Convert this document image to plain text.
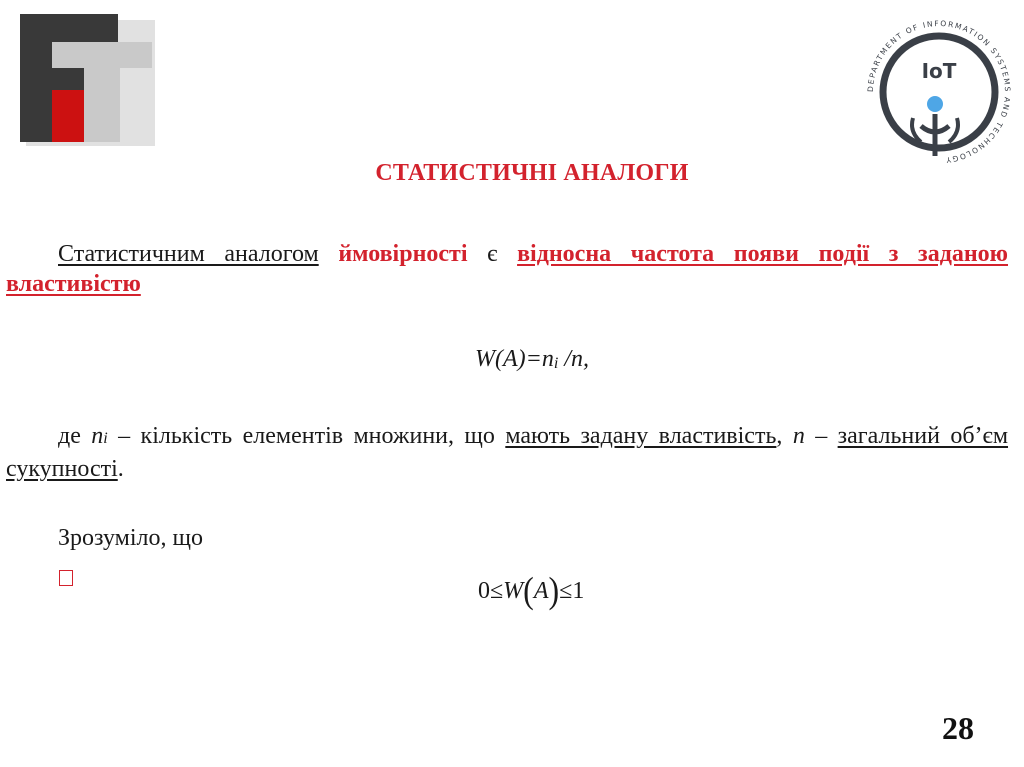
DEPARTMENT OF INFORMATION SYSTEMS AND TECHNOLOGY
IoT
СТАТИСТИЧНІ АНАЛОГИ
Статистичним аналогом ймовірності є відносна частота появи події з заданою властивістю
$W(A)=n_i$ /n,
де ni – кількість елементів множини, що мають задану властивість, n – загальний об’єм сукупності.
Зрозуміло, що
0≤W(A)≤1
28
